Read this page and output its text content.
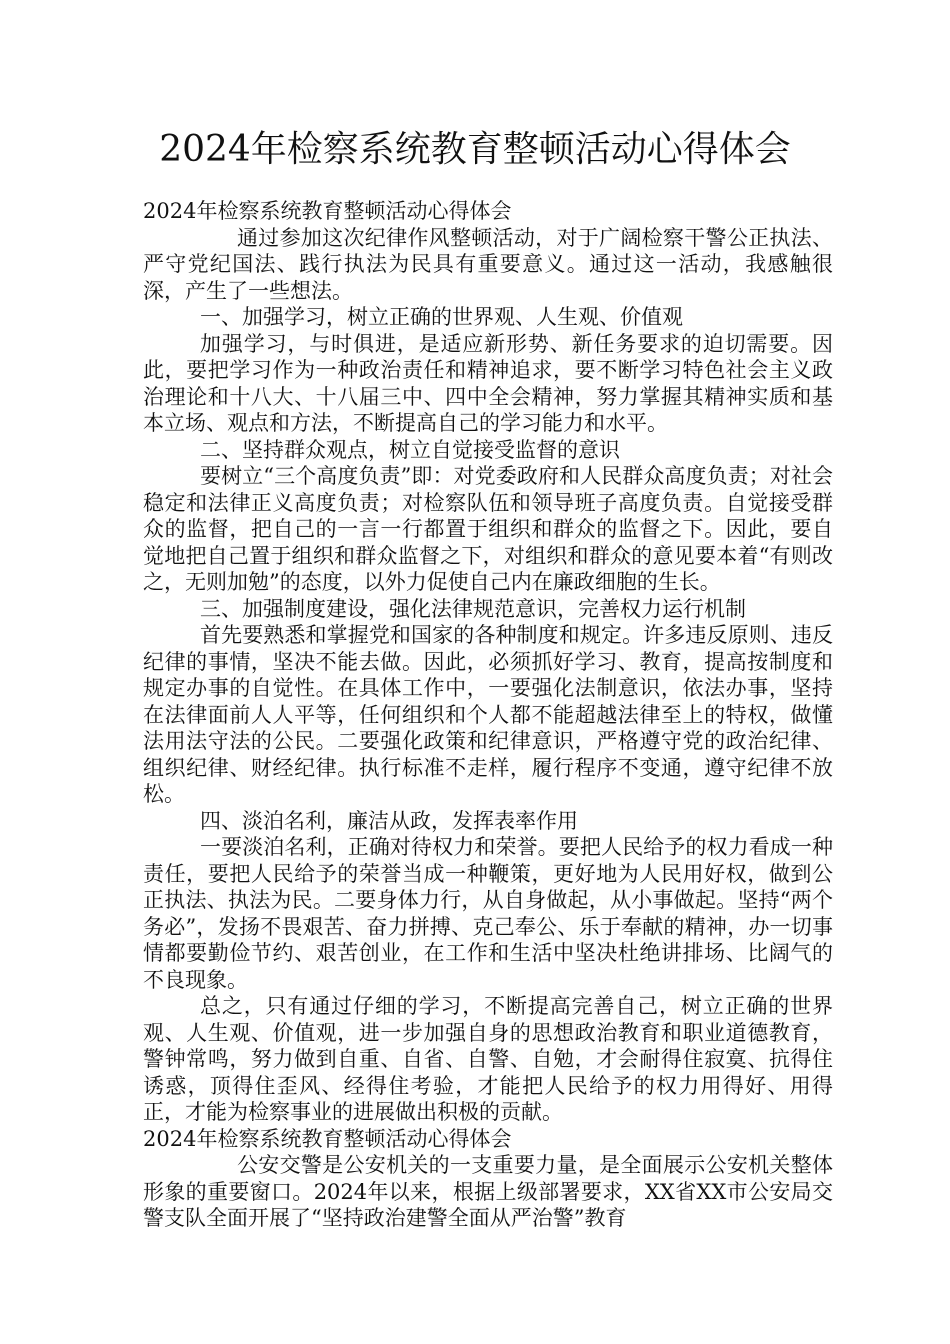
2024年检察系统教育整顿活动心得体会

2024年检察系统教育整顿活动心得体会

通过参加这次纪律作风整顿活动，对于广阔检察干警公正执法、严守党纪国法、践行执法为民具有重要意义。通过这一活动，我感触很深，产生了一些想法。

一、加强学习，树立正确的世界观、人生观、价值观

加强学习，与时俱进，是适应新形势、新任务要求的迫切需要。因此，要把学习作为一种政治责任和精神追求，要不断学习特色社会主义政治理论和十八大、十八届三中、四中全会精神，努力掌握其精神实质和基本立场、观点和方法，不断提高自己的学习能力和水平。

二、坚持群众观点，树立自觉接受监督的意识

要树立“三个高度负责”即：对党委政府和人民群众高度负责；对社会稳定和法律正义高度负责；对检察队伍和领导班子高度负责。自觉接受群众的监督，把自己的一言一行都置于组织和群众的监督之下。因此，要自觉地把自己置于组织和群众监督之下，对组织和群众的意见要本着“有则改之，无则加勉”的态度，以外力促使自己内在廉政细胞的生长。

三、加强制度建设，强化法律规范意识，完善权力运行机制

首先要熟悉和掌握党和国家的各种制度和规定。许多违反原则、违反纪律的事情，坚决不能去做。因此，必须抓好学习、教育，提高按制度和规定办事的自觉性。在具体工作中，一要强化法制意识，依法办事，坚持在法律面前人人平等，任何组织和个人都不能超越法律至上的特权，做懂法用法守法的公民。二要强化政策和纪律意识，严格遵守党的政治纪律、组织纪律、财经纪律。执行标准不走样，履行程序不变通，遵守纪律不放松。

四、淡泊名利，廉洁从政，发挥表率作用

一要淡泊名利，正确对待权力和荣誉。要把人民给予的权力看成一种责任，要把人民给予的荣誉当成一种鞭策，更好地为人民用好权，做到公正执法、执法为民。二要身体力行，从自身做起，从小事做起。坚持“两个务必”，发扬不畏艰苦、奋力拼搏、克己奉公、乐于奉献的精神，办一切事情都要勤俭节约、艰苦创业，在工作和生活中坚决杜绝讲排场、比阔气的不良现象。

总之，只有通过仔细的学习，不断提高完善自己，树立正确的世界观、人生观、价值观，进一步加强自身的思想政治教育和职业道德教育，警钟常鸣，努力做到自重、自省、自警、自勉，才会耐得住寂寞、抗得住诱惑，顶得住歪风、经得住考验，才能把人民给予的权力用得好、用得正，才能为检察事业的进展做出积极的贡献。

2024年检察系统教育整顿活动心得体会

公安交警是公安机关的一支重要力量，是全面展示公安机关整体形象的重要窗口。2024年以来，根据上级部署要求，XX省XX市公安局交警支队全面开展了“坚持政治建警全面从严治警”教育
